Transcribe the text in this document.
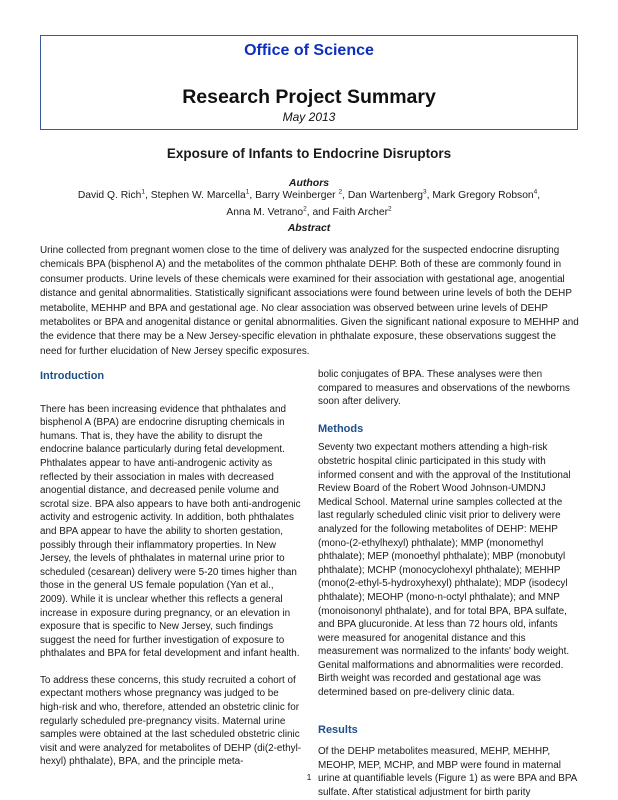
Office of Science
Research Project Summary
May 2013
Exposure of Infants to Endocrine Disruptors
Authors
David Q. Rich$^1$, Stephen W. Marcella$^1$, Barry Weinberger $^2$, Dan Wartenberg$^3$, Mark Gregory Robson$^4$,
Anna M. Vetrano$^2$, and Faith Archer$^2$
Abstract
Urine collected from pregnant women close to the time of delivery was analyzed for the suspected endocrine disrupting chemicals BPA (bisphenol A) and the metabolites of the common phthalate DEHP. Both of these are commonly found in consumer products. Urine levels of these chemicals were examined for their association with gestational age, anogential distance and genital abnormalities. Statistically significant associations were found between urine levels of both the DEHP metabolite, MEHHP and BPA and gestational age. No clear association was observed between urine levels of DEHP metabolites or BPA and anogenital distance or genital abnormalities. Given the significant national exposure to MEHHP and the evidence that there may be a New Jersey-specific elevation in phthalate exposure, these observations suggest the need for further elucidation of New Jersey specific exposures.
Introduction

There has been increasing evidence that phthalates and bisphenol A (BPA) are endocrine disrupting chemicals in humans. That is, they have the ability to disrupt the endocrine balance particularly during fetal development. Phthalates appear to have anti-androgenic activity as reflected by their association in males with decreased anogential distance, and decreased penile volume and scrotal size. BPA also appears to have both anti-androgenic activity and estrogenic activity. In addition, both phthalates and BPA appear to have the ability to shorten gestation, possibly through their inflammatory properties. In New Jersey, the levels of phthalates in maternal urine prior to scheduled (cesarean) delivery were 5-20 times higher than those in the general US female population (Yan et al., 2009). While it is unclear whether this reflects a general increase in exposure during pregnancy, or an elevation in exposure that is specific to New Jersey, such findings suggest the need for further investigation of exposure to phthalates and BPA for fetal development and infant health.

To address these concerns, this study recruited a cohort of expectant mothers whose pregnancy was judged to be high-risk and who, therefore, attended an obstetric clinic for regularly scheduled pre-pregnancy visits. Maternal urine samples were obtained at the last scheduled obstetric clinic visit and were analyzed for metabolites of DEHP (di(2-ethyl-hexyl) phthalate), BPA, and the principle meta-

bolic conjugates of BPA. These analyses were then compared to measures and observations of the newborns soon after delivery.

Methods

Seventy two expectant mothers attending a high-risk obstetric hospital clinic participated in this study with informed consent and with the approval of the Institutional Review Board of the Robert Wood Johnson-UMDNJ Medical School. Maternal urine samples collected at the last regularly scheduled clinic visit prior to delivery were analyzed for the following metabolites of DEHP: MEHP (mono-(2-ethylhexyl) phthalate); MMP (monomethyl phthalate); MEP (monoethyl phthalate); MBP (monobutyl phthalate); MCHP (monocyclohexyl phthalate); MEHHP (mono(2-ethyl-5-hydroxyhexyl) phthalate); MDP (isodecyl phthalate); MEOHP (mono-n-octyl phthalate); and MNP (monoisononyl phthalate), and for total BPA, BPA sulfate, and BPA glucuronide. At less than 72 hours old, infants were measured for anogenital distance and this measurement was normalized to the infants' body weight. Genital malformations and abnormalities were recorded. Birth weight was recorded and gestational age was determined based on pre-delivery clinic data.

Results

Of the DEHP metabolites measured, MEHP, MEHHP, MEOHP, MEP, MCHP, and MBP were found in maternal urine at quantifiable levels (Figure 1) as were BPA and BPA sulfate. After statistical adjustment for birth parity

1
